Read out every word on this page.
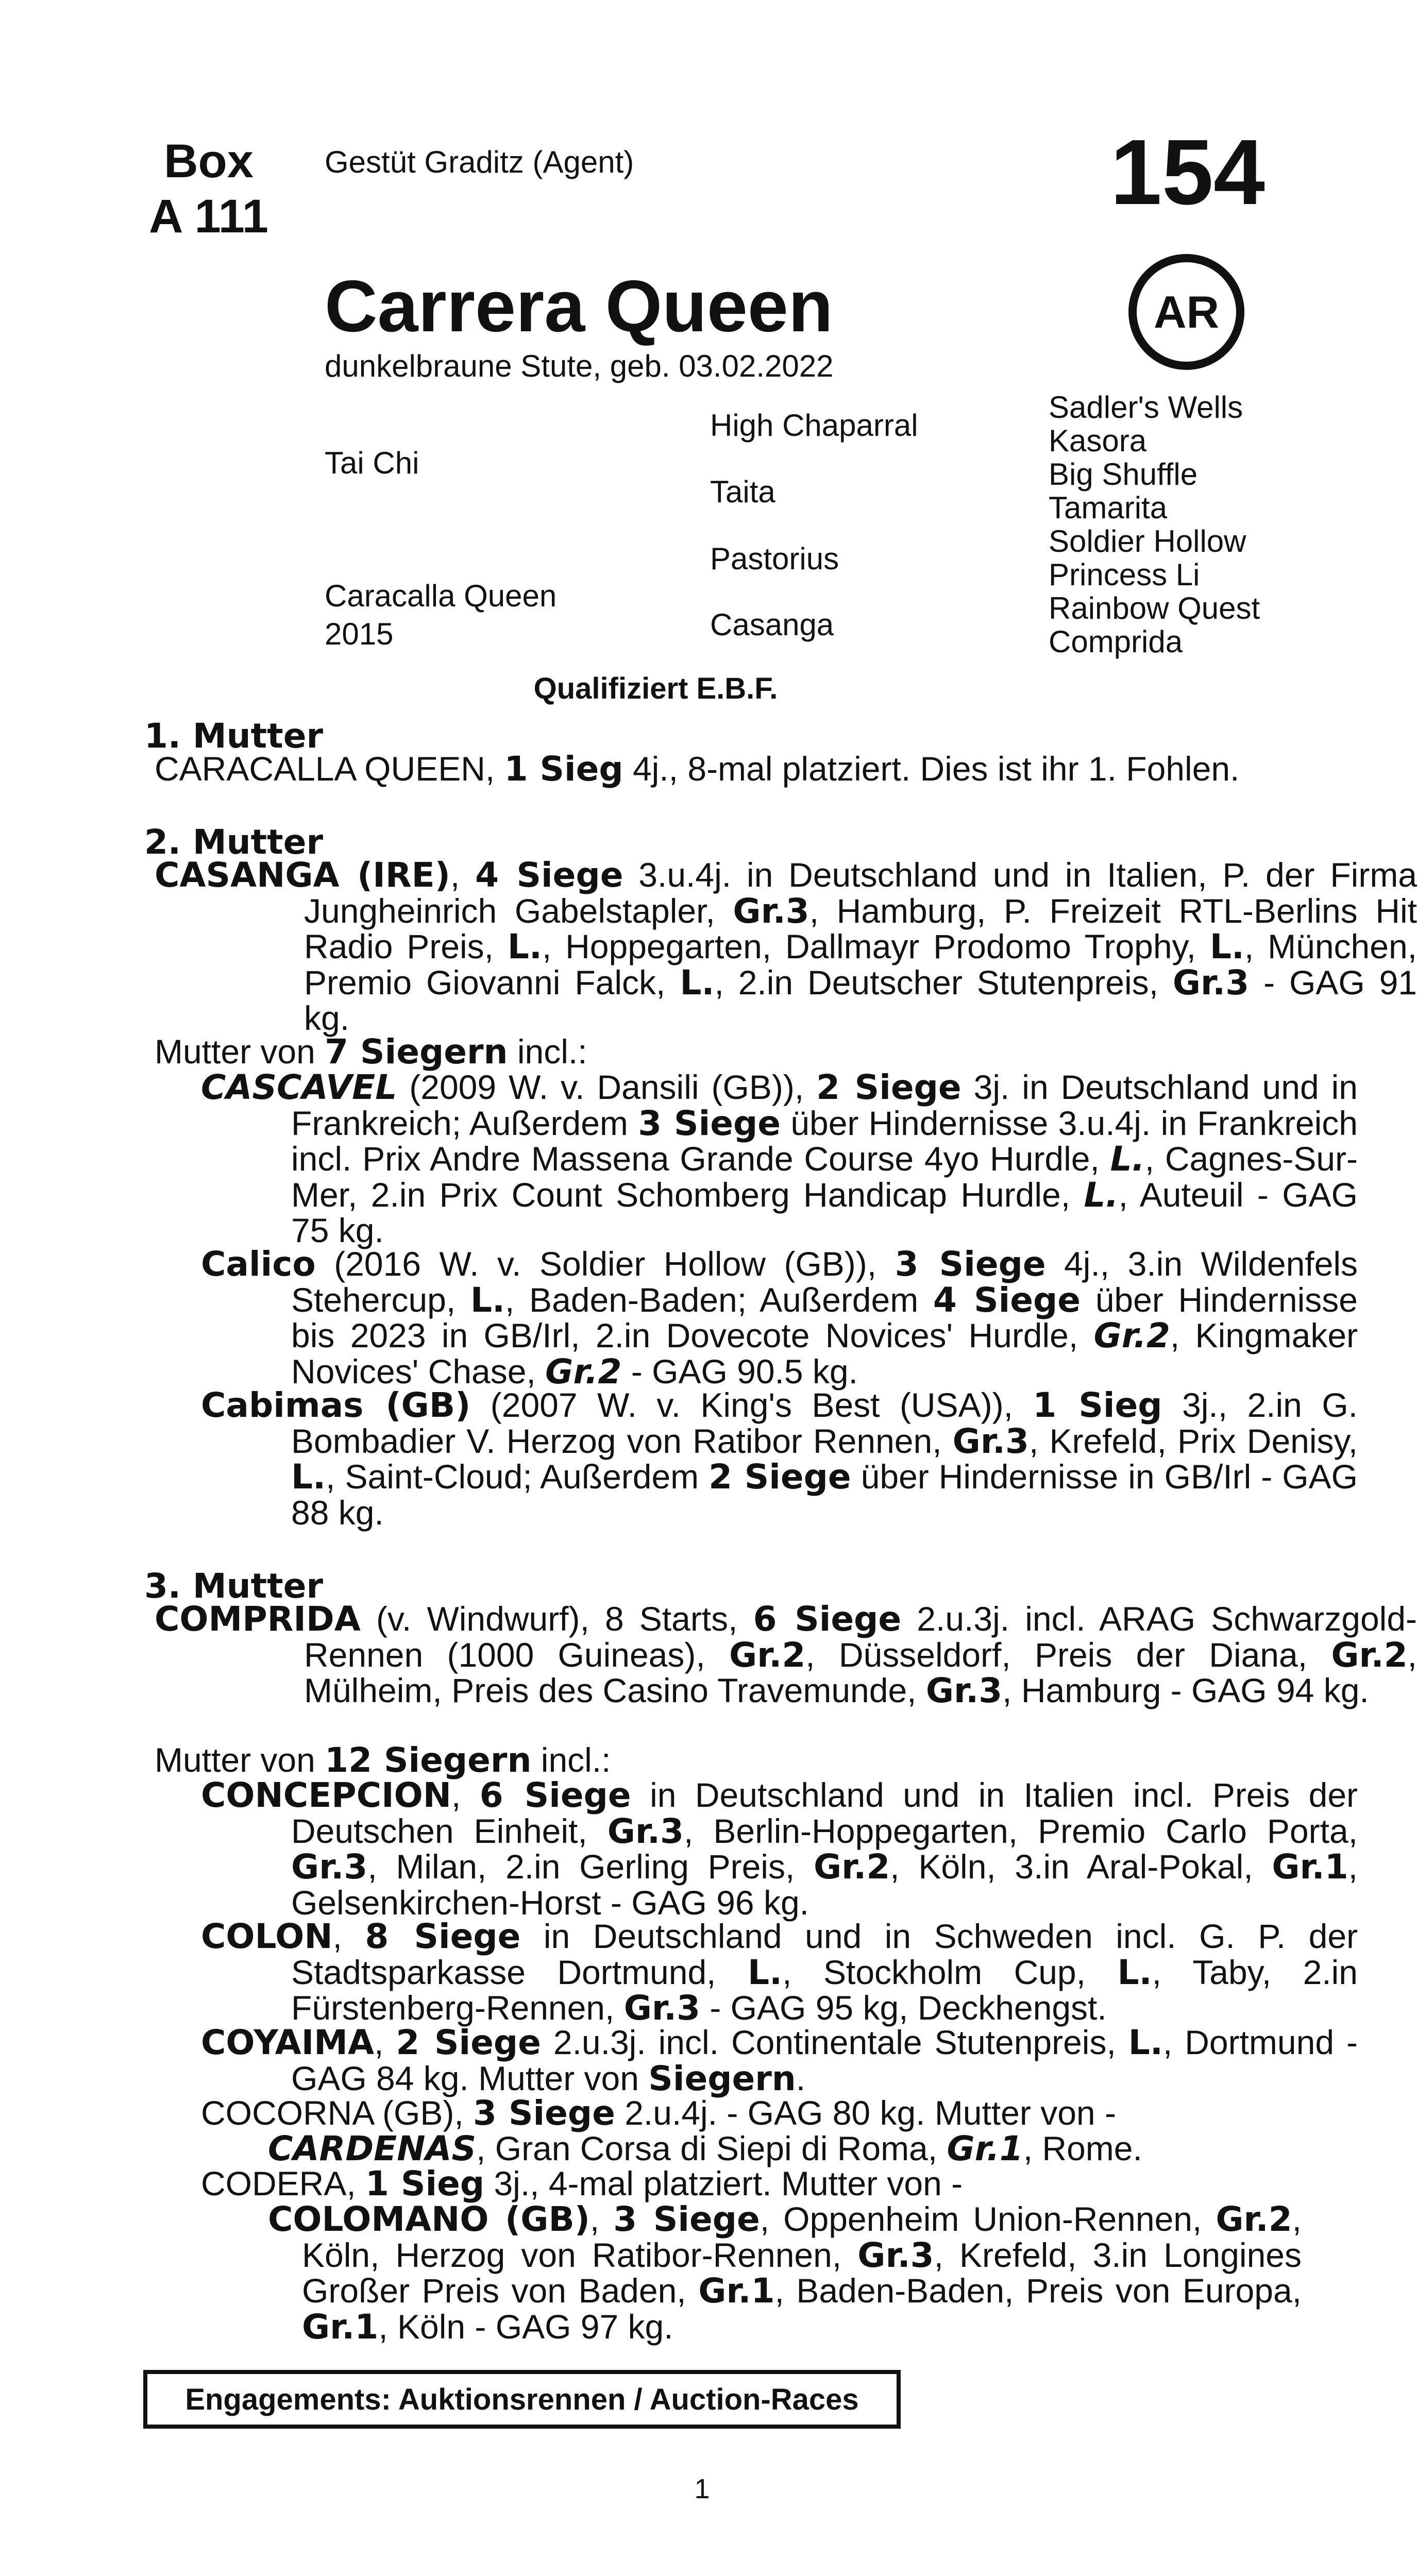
Box
A 111
Gestüt Graditz (Agent)	154
AR
Carrera Queen
dunkelbraune Stute, geb. 03.02.2022
Tai Chi
Caracalla Queen
2015
High Chaparral
Taita
Pastorius
Casanga
Sadler's Wells
Kasora
Big Shuffle
Tamarita
Soldier Hollow
Princess Li
Rainbow Quest
Comprida
Qualifiziert E.B.F.
1. Mutter
CARACALLA QUEEN, 1 Sieg 4j., 8-mal platziert. Dies ist ihr 1. Fohlen.
2. Mutter
CASANGA (IRE), 4 Siege 3.u.4j. in Deutschland und in Italien, P. der Firma Jungheinrich Gabelstapler, Gr.3, Hamburg, P. Freizeit RTL-Berlins Hit Radio Preis, L., Hoppegarten, Dallmayr Prodomo Trophy, L., München, Premio Giovanni Falck, L., 2.in Deutscher Stutenpreis, Gr.3 - GAG 91 kg.
Mutter von 7 Siegern incl.:
CASCAVEL (2009 W. v. Dansili (GB)), 2 Siege 3j. in Deutschland und in Frankreich; Außerdem 3 Siege über Hindernisse 3.u.4j. in Frankreich incl. Prix Andre Massena Grande Course 4yo Hurdle, L., Cagnes-Sur-Mer, 2.in Prix Count Schomberg Handicap Hurdle, L., Auteuil - GAG 75 kg.
Calico (2016 W. v. Soldier Hollow (GB)), 3 Siege 4j., 3.in Wildenfels Stehercup, L., Baden-Baden; Außerdem 4 Siege über Hindernisse bis 2023 in GB/Irl, 2.in Dovecote Novices' Hurdle, Gr.2, Kingmaker Novices' Chase, Gr.2 - GAG 90.5 kg.
Cabimas (GB) (2007 W. v. King's Best (USA)), 1 Sieg 3j., 2.in G. Bombadier V. Herzog von Ratibor Rennen, Gr.3, Krefeld, Prix Denisy, L., Saint-Cloud; Außerdem 2 Siege über Hindernisse in GB/Irl - GAG 88 kg.
3. Mutter
COMPRIDA (v. Windwurf), 8 Starts, 6 Siege 2.u.3j. incl. ARAG Schwarzgold-Rennen (1000 Guineas), Gr.2, Düsseldorf, Preis der Diana, Gr.2, Mülheim, Preis des Casino Travemunde, Gr.3, Hamburg - GAG 94 kg.
Mutter von 12 Siegern incl.:
CONCEPCION, 6 Siege in Deutschland und in Italien incl. Preis der Deutschen Einheit, Gr.3, Berlin-Hoppegarten, Premio Carlo Porta, Gr.3, Milan, 2.in Gerling Preis, Gr.2, Köln, 3.in Aral-Pokal, Gr.1, Gelsenkirchen-Horst - GAG 96 kg.
COLON, 8 Siege in Deutschland und in Schweden incl. G. P. der Stadtsparkasse Dortmund, L., Stockholm Cup, L., Taby, 2.in Fürstenberg-Rennen, Gr.3 - GAG 95 kg, Deckhengst.
COYAIMA, 2 Siege 2.u.3j. incl. Continentale Stutenpreis, L., Dortmund - GAG 84 kg. Mutter von Siegern.
COCORNA (GB), 3 Siege 2.u.4j. - GAG 80 kg. Mutter von -
CARDENAS, Gran Corsa di Siepi di Roma, Gr.1, Rome.
CODERA, 1 Sieg 3j., 4-mal platziert. Mutter von -
COLOMANO (GB), 3 Siege, Oppenheim Union-Rennen, Gr.2, Köln, Herzog von Ratibor-Rennen, Gr.3, Krefeld, 3.in Longines Großer Preis von Baden, Gr.1, Baden-Baden, Preis von Europa, Gr.1, Köln - GAG 97 kg.
Engagements: Auktionsrennen / Auction-Races
1
